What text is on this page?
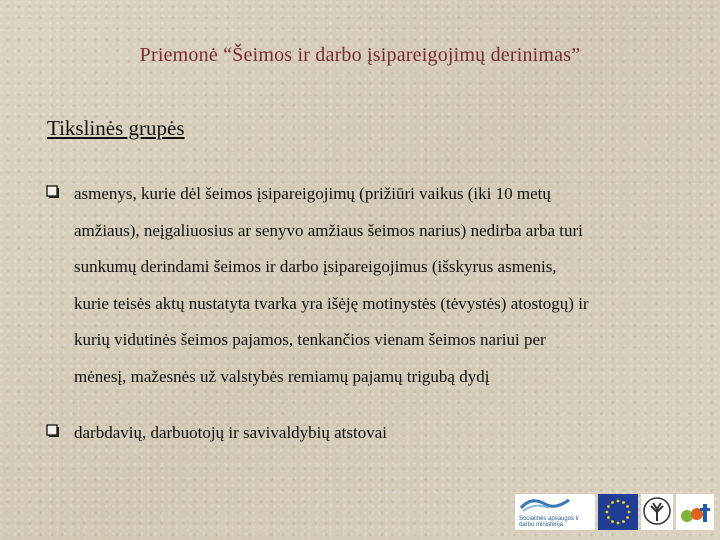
Priemonė “Šeimos ir darbo įsipareigojimų derinimas”
Tikslinės grupės
asmenys, kurie dėl šeimos įsipareigojimų (prižiūri vaikus (iki 10 metų
amžiaus), neįgaliuosius ar senyvo amžiaus šeimos narius) nedirba arba turi
sunkumų derindami šeimos ir darbo įsipareigojimus (išskyrus asmenis,
kurie teisės aktų nustatyta tvarka yra išėję motinystės (tėvystės) atostogų) ir
kurių vidutinės šeimos pajamos, tenkančios vienam šeimos nariui per
mėnesį, mažesnės už valstybės remiamų pajamų trigubą dydį
darbdavių, darbuotojų ir savivaldybių atstovai
Socialinės apsaugos ir
darbo ministerija
